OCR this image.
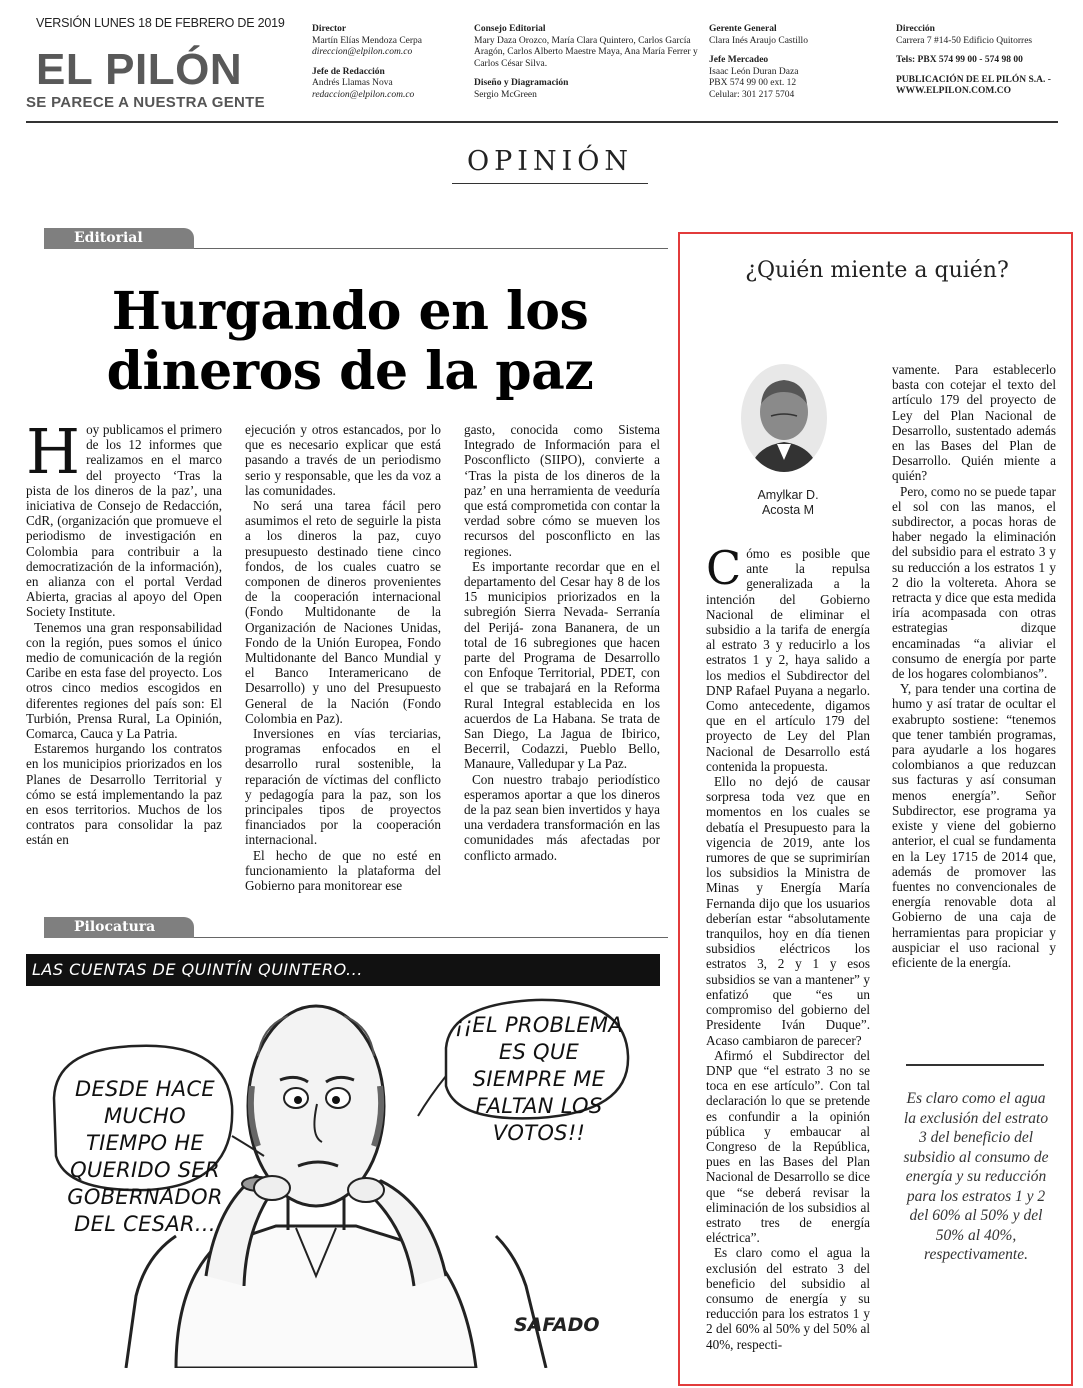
VERSIÓN LUNES 18 DE FEBRERO DE 2019
EL PILÓN
SE PARECE A NUESTRA GENTE
Director
Martín Elías Mendoza Cerpa
direccion@elpilon.com.co
Jefe de Redacción
Andrés Llamas Nova
redaccion@elpilon.com.co
Consejo Editorial
Mary Daza Orozco, María Clara Quintero, Carlos García Aragón, Carlos Alberto Maestre Maya, Ana María Ferrer y Carlos César Silva.
Diseño y Diagramación
Sergio McGreen
Gerente General
Clara Inés Araujo Castillo
Jefe Mercadeo
Isaac León Duran Daza
PBX 574 99 00 ext. 12
Celular: 301 217 5704
Dirección
Carrera 7 #14-50 Edificio Quitorres
Tels: PBX 574 99 00 - 574 98 00
PUBLICACIÓN DE EL PILÓN S.A. -
WWW.ELPILON.COM.CO
OPINIÓN
Editorial
Hurgando en los
dineros de la paz

Hoy publicamos el primero de los 12 informes que realizamos en el marco del proyecto ‘Tras la pista de los dineros de la paz’, una iniciativa de Consejo de Redacción, CdR, (organización que promueve el periodismo de investigación en Colombia para contribuir a la democratización de la información), en alianza con el portal Verdad Abierta, gracias al apoyo del Open Society Institute.

Tenemos una gran responsabilidad con la región, pues somos el único medio de comunicación de la región Caribe en esta fase del proyecto. Los otros cinco medios escogidos en diferentes regiones del país son: El Turbión, Prensa Rural, La Opinión, Comarca, Cauca y La Patria.

Estaremos hurgando los contratos en los municipios priorizados en los Planes de Desarrollo Territorial y cómo se está implementando la paz en esos territorios. Muchos de los contratos para consolidar la paz están en

ejecución y otros estancados, por lo que es necesario explicar que está pasando a través de un periodismo serio y responsable, que les da voz a las comunidades.

No será una tarea fácil pero asumimos el reto de seguirle la pista a los dineros la paz, cuyo presupuesto destinado tiene cinco fondos, de los cuales cuatro se componen de dineros provenientes de la cooperación internacional (Fondo Multidonante de la Organización de Naciones Unidas, Fondo de la Unión Europea, Fondo Multidonante del Banco Mundial y el Banco Interamericano de Desarrollo) y uno del Presupuesto General de la Nación (Fondo Colombia en Paz).

Inversiones en vías terciarias, programas enfocados en el desarrollo rural sostenible, la reparación de víctimas del conflicto y pedagogía para la paz, son los principales tipos de proyectos financiados por la cooperación internacional.

El hecho de que no esté en funcionamiento la plataforma del Gobierno para monitorear ese

gasto, conocida como Sistema Integrado de Información para el Posconflicto (SIIPO), convierte a ‘Tras la pista de los dineros de la paz’ en una herramienta de veeduría que está comprometida con contar la verdad sobre cómo se mueven los recursos del posconflicto en las regiones.

Es importante recordar que en el departamento del Cesar hay 8 de los 15 municipios priorizados en la subregión Sierra Nevada- Serranía del Perijá- zona Bananera, de un total de 16 subregiones que hacen parte del Programa de Desarrollo con Enfoque Territorial, PDET, con el que se trabajará en la Reforma Rural Integral establecida en los acuerdos de La Habana. Se trata de San Diego, La Jagua de Ibirico, Becerril, Codazzi, Pueblo Bello, Manaure, Valledupar y La Paz.

Con nuestro trabajo periodístico esperamos aportar a que los dineros de la paz sean bien invertidos y haya una verdadera transformación en las comunidades más afectadas por conflicto armado.

Pilocatura
LAS CUENTAS DE QUINTÍN QUINTERO...
DESDE HACE MUCHO TIEMPO HE QUERIDO SER GOBERNADOR DEL CESAR...
¡¡EL PROBLEMA ES QUE SIEMPRE ME FALTAN LOS VOTOS!!
SAFADO
¿Quién miente a quién?
Amylkar D.
Acosta M

Cómo es posible que ante la repulsa generalizada a la intención del Gobierno Nacional de eliminar el subsidio a la tarifa de energía al estrato 3 y reducirlo a los estratos 1 y 2, haya salido a los medios el Subdirector del DNP Rafael Puyana a negarlo. Como antecedente, digamos que en el artículo 179 del proyecto de Ley del Plan Nacional de Desarrollo está contenida la propuesta.

Ello no dejó de causar sorpresa toda vez que en momentos en los cuales se debatía el Presupuesto para la vigencia de 2019, ante los rumores de que se suprimirían los subsidios la Ministra de Minas y Energía María Fernanda dijo que los usuarios deberían estar “absolutamente tranquilos, hoy en día tienen subsidios eléctricos los estratos 3, 2 y 1 y esos subsidios se van a mantener” y enfatizó que “es un compromiso del gobierno del Presidente Iván Duque”. Acaso cambiaron de parecer?

Afirmó el Subdirector del DNP que “el estrato 3 no se toca en ese artículo”. Con tal declaración lo que se pretende es confundir a la opinión pública y embaucar al Congreso de la República, pues en las Bases del Plan Nacional de Desarrollo se dice que “se deberá revisar la eliminación de los subsidios al estrato tres de energía eléctrica”.

Es claro como el agua la exclusión del estrato 3 del beneficio del subsidio al consumo de energía y su reducción para los estratos 1 y 2 del 60% al 50% y del 50% al 40%, respecti-

vamente. Para establecerlo basta con cotejar el texto del artículo 179 del proyecto de Ley del Plan Nacional de Desarrollo, sustentado además en las Bases del Plan de Desarrollo. Quién miente a quién?

Pero, como no se puede tapar el sol con las manos, el subdirector, a pocas horas de haber negado la eliminación del subsidio para el estrato 3 y su reducción a los estratos 1 y 2 dio la voltereta. Ahora se retracta y dice que esta medida iría acompasada con otras estrategias dizque encaminadas “a aliviar el consumo de energía por parte de los hogares colombianos”.

Y, para tender una cortina de humo y así tratar de ocultar el exabrupto sostiene: “tenemos que tener también programas, para ayudarle a los hogares colombianos a que reduzcan sus facturas y así consuman menos energía”. Señor Subdirector, ese programa ya existe y viene del gobierno anterior, el cual se fundamenta en la Ley 1715 de 2014 que, además de promover las fuentes no convencionales de energía renovable dota al Gobierno de una caja de herramientas para propiciar y auspiciar el uso racional y eficiente de la energía.

Es claro como el agua la exclusión del estrato 3 del beneficio del subsidio al consumo de energía y su reducción para los estratos 1 y 2 del 60% al 50% y del 50% al 40%, respectivamente.
